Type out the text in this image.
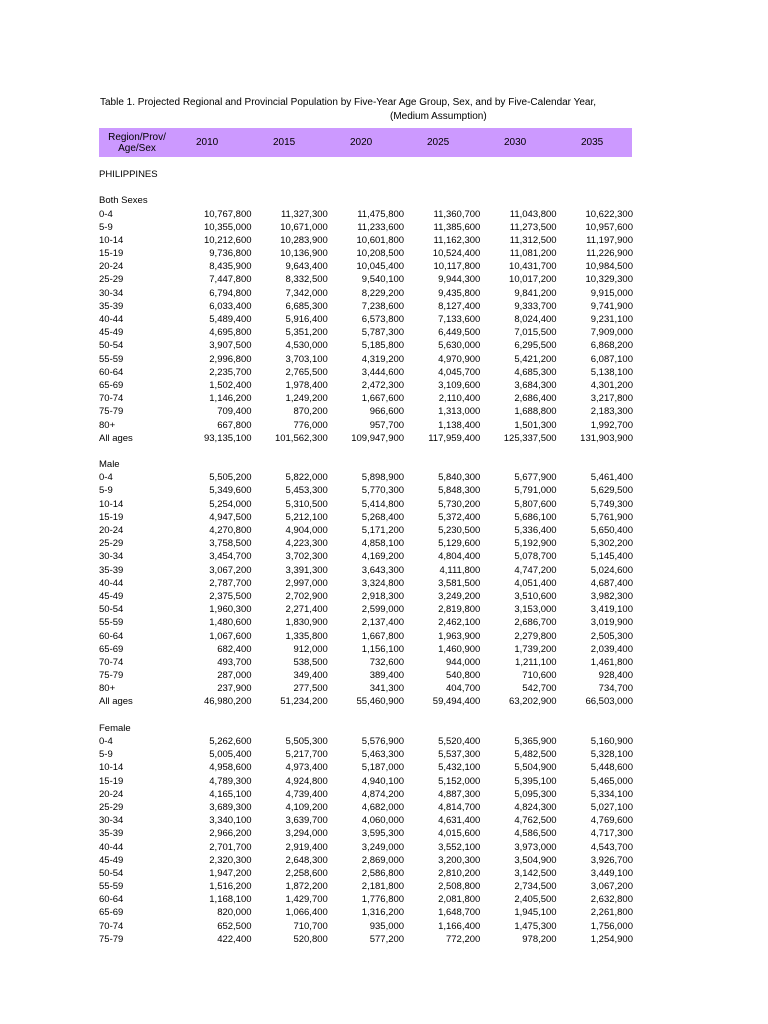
Table 1. Projected Regional and Provincial Population by Five-Year Age Group, Sex, and by Five-Calendar Year,
(Medium Assumption)
Region/Prov/
Age/Sex	2010	2015	2020	2025	2030	2035
PHILIPPINES						

Both Sexes						
0-4	10,767,800	11,327,300	11,475,800	11,360,700	11,043,800	10,622,300
5-9	10,355,000	10,671,000	11,233,600	11,385,600	11,273,500	10,957,600
10-14	10,212,600	10,283,900	10,601,800	11,162,300	11,312,500	11,197,900
15-19	9,736,800	10,136,900	10,208,500	10,524,400	11,081,200	11,226,900
20-24	8,435,900	9,643,400	10,045,400	10,117,800	10,431,700	10,984,500
25-29	7,447,800	8,332,500	9,540,100	9,944,300	10,017,200	10,329,300
30-34	6,794,800	7,342,000	8,229,200	9,435,800	9,841,200	9,915,000
35-39	6,033,400	6,685,300	7,238,600	8,127,400	9,333,700	9,741,900
40-44	5,489,400	5,916,400	6,573,800	7,133,600	8,024,400	9,231,100
45-49	4,695,800	5,351,200	5,787,300	6,449,500	7,015,500	7,909,000
50-54	3,907,500	4,530,000	5,185,800	5,630,000	6,295,500	6,868,200
55-59	2,996,800	3,703,100	4,319,200	4,970,900	5,421,200	6,087,100
60-64	2,235,700	2,765,500	3,444,600	4,045,700	4,685,300	5,138,100
65-69	1,502,400	1,978,400	2,472,300	3,109,600	3,684,300	4,301,200
70-74	1,146,200	1,249,200	1,667,600	2,110,400	2,686,400	3,217,800
75-79	709,400	870,200	966,600	1,313,000	1,688,800	2,183,300
80+	667,800	776,000	957,700	1,138,400	1,501,300	1,992,700
All ages	93,135,100	101,562,300	109,947,900	117,959,400	125,337,500	131,903,900

Male						
0-4	5,505,200	5,822,000	5,898,900	5,840,300	5,677,900	5,461,400
5-9	5,349,600	5,453,300	5,770,300	5,848,300	5,791,000	5,629,500
10-14	5,254,000	5,310,500	5,414,800	5,730,200	5,807,600	5,749,300
15-19	4,947,500	5,212,100	5,268,400	5,372,400	5,686,100	5,761,900
20-24	4,270,800	4,904,000	5,171,200	5,230,500	5,336,400	5,650,400
25-29	3,758,500	4,223,300	4,858,100	5,129,600	5,192,900	5,302,200
30-34	3,454,700	3,702,300	4,169,200	4,804,400	5,078,700	5,145,400
35-39	3,067,200	3,391,300	3,643,300	4,111,800	4,747,200	5,024,600
40-44	2,787,700	2,997,000	3,324,800	3,581,500	4,051,400	4,687,400
45-49	2,375,500	2,702,900	2,918,300	3,249,200	3,510,600	3,982,300
50-54	1,960,300	2,271,400	2,599,000	2,819,800	3,153,000	3,419,100
55-59	1,480,600	1,830,900	2,137,400	2,462,100	2,686,700	3,019,900
60-64	1,067,600	1,335,800	1,667,800	1,963,900	2,279,800	2,505,300
65-69	682,400	912,000	1,156,100	1,460,900	1,739,200	2,039,400
70-74	493,700	538,500	732,600	944,000	1,211,100	1,461,800
75-79	287,000	349,400	389,400	540,800	710,600	928,400
80+	237,900	277,500	341,300	404,700	542,700	734,700
All ages	46,980,200	51,234,200	55,460,900	59,494,400	63,202,900	66,503,000

Female						
0-4	5,262,600	5,505,300	5,576,900	5,520,400	5,365,900	5,160,900
5-9	5,005,400	5,217,700	5,463,300	5,537,300	5,482,500	5,328,100
10-14	4,958,600	4,973,400	5,187,000	5,432,100	5,504,900	5,448,600
15-19	4,789,300	4,924,800	4,940,100	5,152,000	5,395,100	5,465,000
20-24	4,165,100	4,739,400	4,874,200	4,887,300	5,095,300	5,334,100
25-29	3,689,300	4,109,200	4,682,000	4,814,700	4,824,300	5,027,100
30-34	3,340,100	3,639,700	4,060,000	4,631,400	4,762,500	4,769,600
35-39	2,966,200	3,294,000	3,595,300	4,015,600	4,586,500	4,717,300
40-44	2,701,700	2,919,400	3,249,000	3,552,100	3,973,000	4,543,700
45-49	2,320,300	2,648,300	2,869,000	3,200,300	3,504,900	3,926,700
50-54	1,947,200	2,258,600	2,586,800	2,810,200	3,142,500	3,449,100
55-59	1,516,200	1,872,200	2,181,800	2,508,800	2,734,500	3,067,200
60-64	1,168,100	1,429,700	1,776,800	2,081,800	2,405,500	2,632,800
65-69	820,000	1,066,400	1,316,200	1,648,700	1,945,100	2,261,800
70-74	652,500	710,700	935,000	1,166,400	1,475,300	1,756,000
75-79	422,400	520,800	577,200	772,200	978,200	1,254,900
